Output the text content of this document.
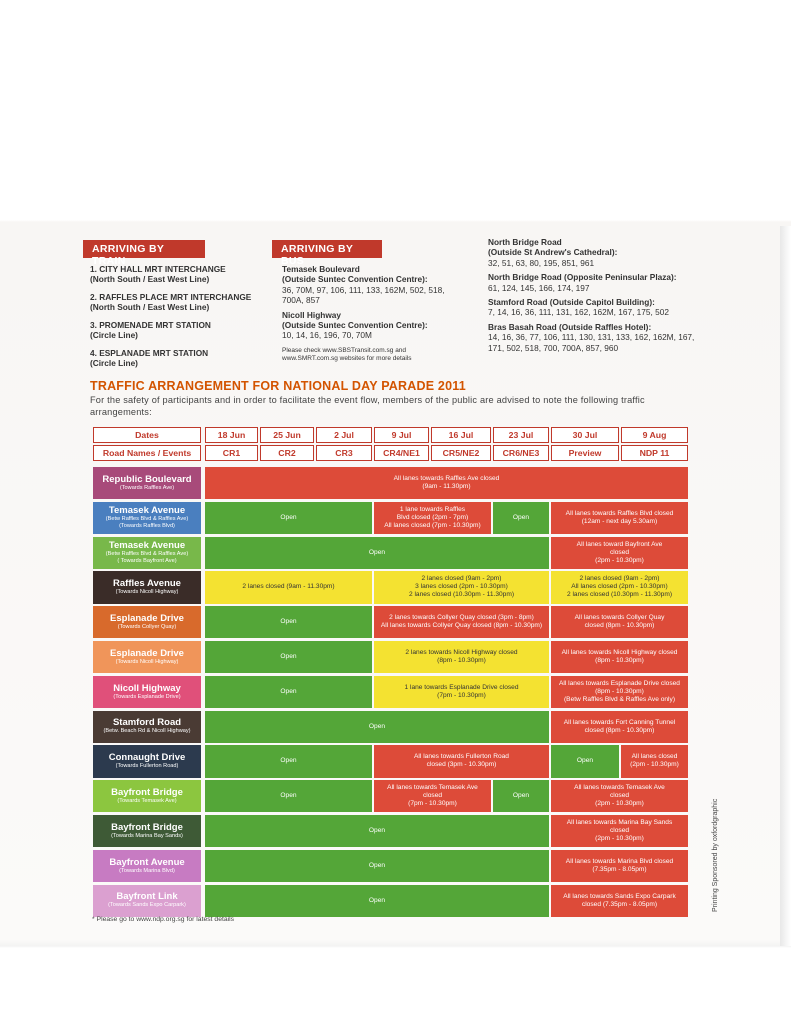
ARRIVING BY TRAIN
1. CITY HALL MRT INTERCHANGE
(North South / East West Line)
2. RAFFLES PLACE MRT INTERCHANGE
(North South / East West Line)
3. PROMENADE MRT STATION
(Circle Line)
4. ESPLANADE MRT STATION
(Circle Line)
ARRIVING BY BUS
Temasek Boulevard
(Outside Suntec Convention Centre):
36, 70M, 97, 106, 111, 133, 162M, 502, 518, 700A, 857
Nicoll Highway
(Outside Suntec Convention Centre):
10, 14, 16, 196, 70, 70M
Please check www.SBSTransit.com.sg and www.SMRT.com.sg websites for more details
North Bridge Road
(Outside St Andrew's Cathedral):
32, 51, 63, 80, 195, 851, 961
North Bridge Road (Opposite Peninsular Plaza):
61, 124, 145, 166, 174, 197
Stamford Road (Outside Capitol Building):
7, 14, 16, 36, 111, 131, 162, 162M, 167, 175, 502
Bras Basah Road (Outside Raffles Hotel):
14, 16, 36, 77, 106, 111, 130, 131, 133, 162, 162M, 167, 171, 502, 518, 700, 700A, 857, 960
TRAFFIC ARRANGEMENT FOR NATIONAL DAY PARADE 2011
For the safety of participants and in order to facilitate the event flow, members of the public are advised to note the following traffic arrangements:
Dates
Road Names / Events
18 Jun
CR1
25 Jun
CR2
2 Jul
CR3
9 Jul
CR4/NE1
16 Jul
CR5/NE2
23 Jul
CR6/NE3
30 Jul
Preview
9 Aug
NDP 11
Republic Boulevard
(Towards Raffles Ave)
All lanes towards Raffles Ave closed
(9am - 11.30pm)
Temasek Avenue
(Betw Raffles Blvd & Raffles Ave)
(Towards Raffles Blvd)
Open
1 lane towards Raffles
Blvd closed (2pm - 7pm)
All lanes closed (7pm - 10.30pm)
Open
All lanes towards Raffles Blvd closed
(12am - next day 5.30am)
Temasek Avenue
(Betw Raffles Blvd & Raffles Ave)
( Towards Bayfront Ave)
Open
All lanes toward Bayfront Ave
closed
(2pm - 10.30pm)
Raffles Avenue
(Towards Nicoll Highway)
2 lanes closed (9am - 11.30pm)
2 lanes closed (9am - 2pm)
3 lanes closed (2pm - 10.30pm)
2 lanes closed (10.30pm - 11.30pm)
2 lanes closed (9am - 2pm)
All lanes closed (2pm - 10.30pm)
2 lanes closed (10.30pm - 11.30pm)
Esplanade Drive
(Towards Collyer Quay)
Open
2 lanes towards Collyer Quay closed (3pm - 8pm)
All lanes towards Collyer Quay closed (8pm - 10.30pm)
All lanes towards Collyer Quay
closed (8pm - 10.30pm)
Esplanade Drive
(Towards Nicoll Highway)
Open
2 lanes towards Nicoll Highway closed
(8pm - 10.30pm)
All lanes towards Nicoll Highway closed
(8pm - 10.30pm)
Nicoll Highway
(Towards Esplanade Drive)
Open
1 lane towards Esplanade Drive closed
(7pm - 10.30pm)
All lanes towards Esplanade Drive closed
(8pm - 10.30pm)
(Betw Raffles Blvd & Raffles Ave only)
Stamford Road
(Betw. Beach Rd & Nicoll Highway)
Open
All lanes towards Fort Canning Tunnel
closed (8pm - 10.30pm)
Connaught Drive
(Towards Fullerton Road)
Open
All lanes towards Fullerton Road
closed (3pm - 10.30pm)
Open
All lanes closed
(2pm - 10.30pm)
Bayfront Bridge
(Towards Temasek Ave)
Open
All lanes towards Temasek Ave
closed
(7pm - 10.30pm)
Open
All lanes towards Temasek Ave
closed
(2pm - 10.30pm)
Bayfront Bridge
(Towards Marina Bay Sands)
Open
All lanes towards Marina Bay Sands
closed
(2pm - 10.30pm)
Bayfront Avenue
(Towards Marina Blvd)
Open
All lanes towards Marina Blvd closed
(7.35pm - 8.05pm)
Bayfront Link
(Towards Sands Expo Carpark)
Open
All lanes towards Sands Expo Carpark
closed (7.35pm - 8.05pm)
* Please go to www.ndp.org.sg for latest details
Printing Sponsored by oxfordgraphic
